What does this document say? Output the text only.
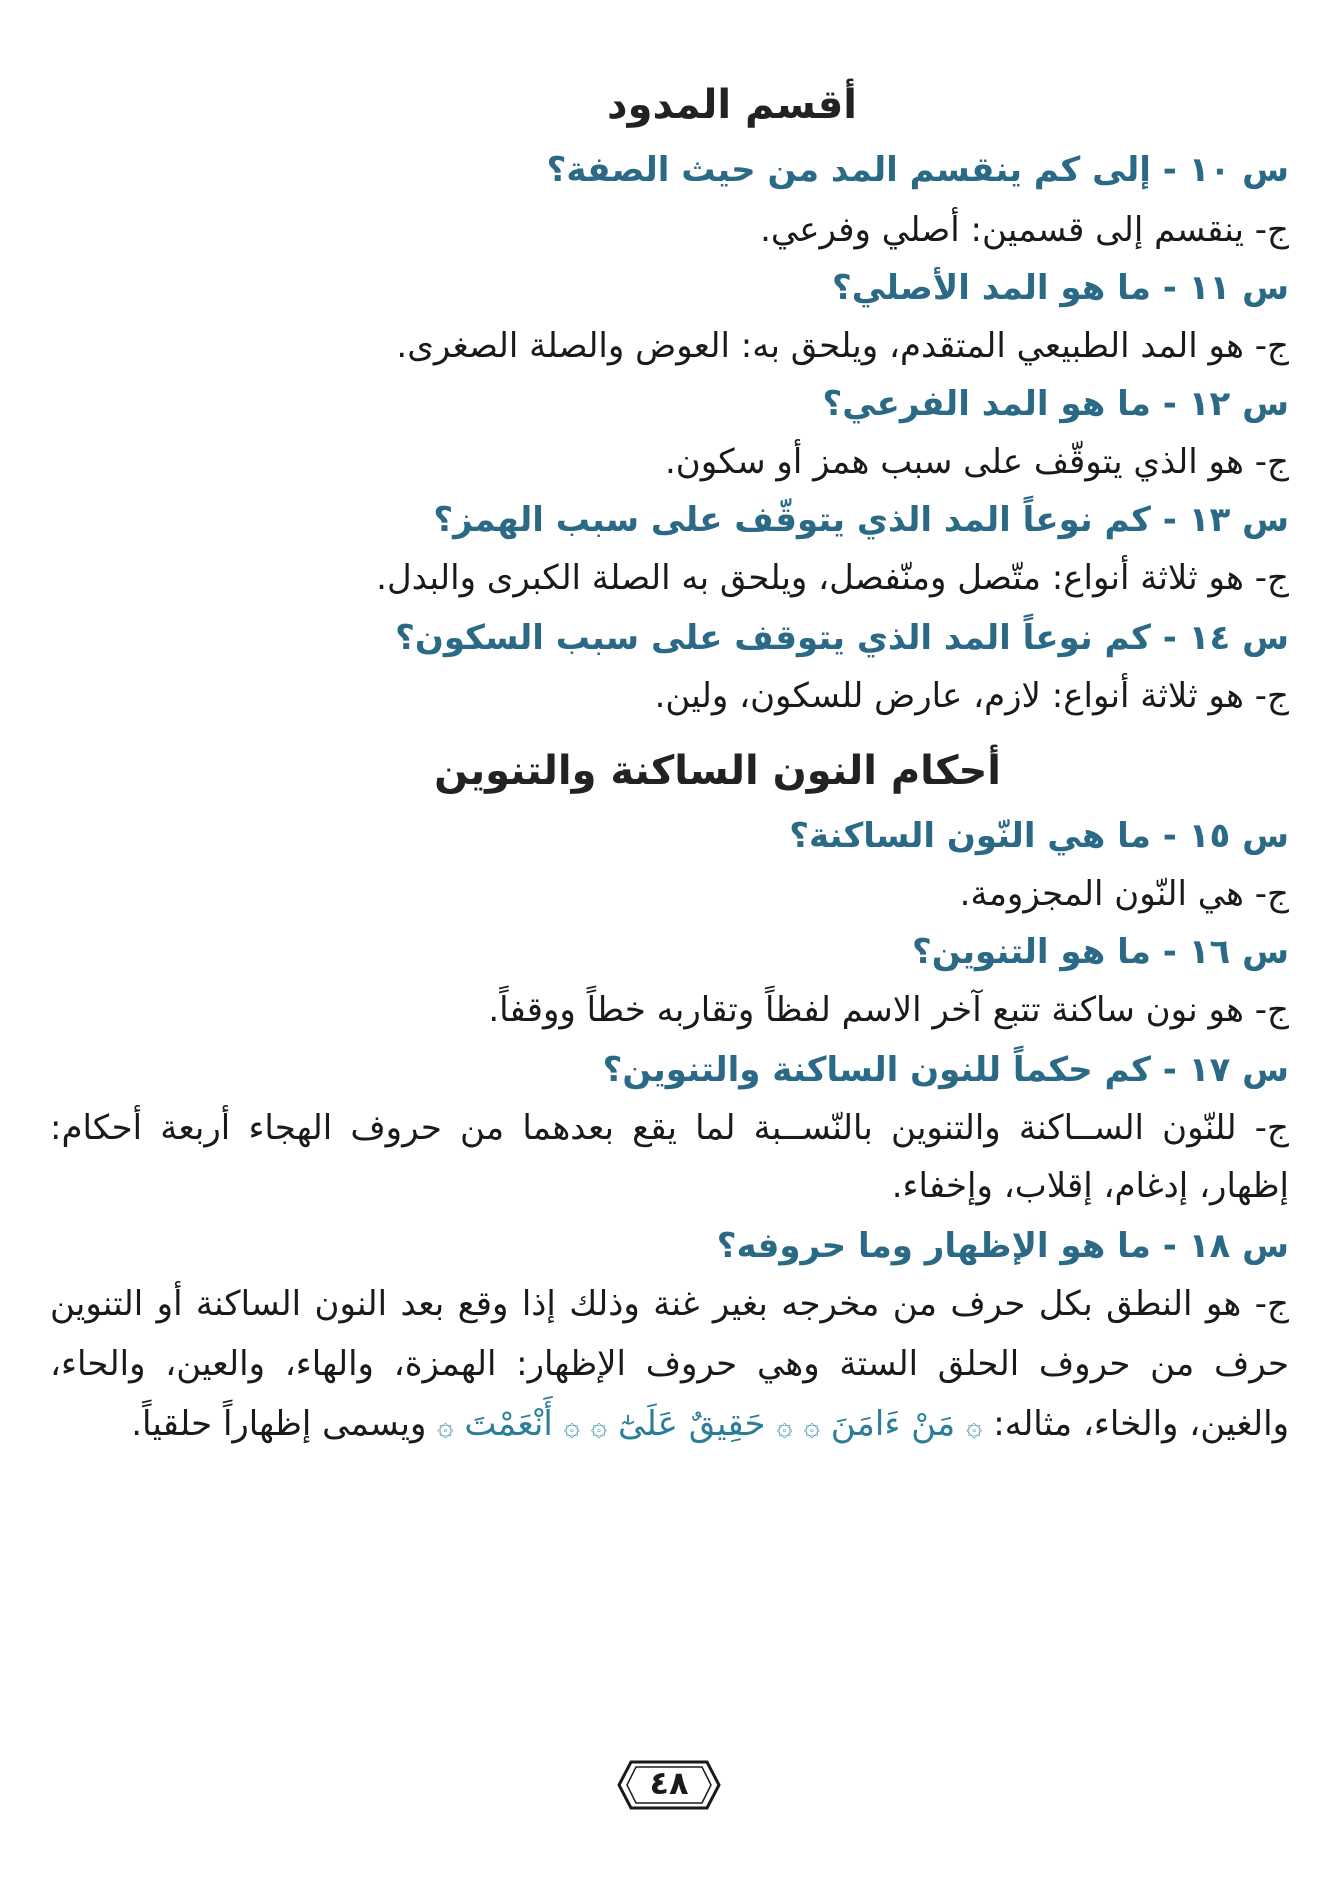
أقسم المدود
س ١٠ - إلى كم ينقسم المد من حيث الصفة؟
ج- ينقسم إلى قسمين: أصلي وفرعي.
س ١١ - ما هو المد الأصلي؟
ج- هو المد الطبيعي المتقدم، ويلحق به: العوض والصلة الصغرى.
س ١٢ - ما هو المد الفرعي؟
ج- هو الذي يتوقّف على سبب همز أو سكون.
س ١٣ - كم نوعاً المد الذي يتوقّف على سبب الهمز؟
ج- هو ثلاثة أنواع: متّصل ومنّفصل، ويلحق به الصلة الكبرى والبدل.
س ١٤ - كم نوعاً المد الذي يتوقف على سبب السكون؟
ج- هو ثلاثة أنواع: لازم، عارض للسكون، ولين.
أحكام النون الساكنة والتنوين
س ١٥ - ما هي النّون الساكنة؟
ج- هي النّون المجزومة.
س ١٦ - ما هو التنوين؟
ج- هو نون ساكنة تتبع آخر الاسم لفظاً وتقاربه خطاً ووقفاً.
س ١٧ - كم حكماً للنون الساكنة والتنوين؟
ج- للنّون الســاكنة والتنوين بالنّســبة لما يقع بعدهما من حروف الهجاء أربعة أحكام:
إظهار، إدغام، إقلاب، وإخفاء.
س ١٨ - ما هو الإظهار وما حروفه؟
ج- هو النطق بكل حرف من مخرجه بغير غنة وذلك إذا وقع بعد النون الساكنة أو التنوين
حرف من حروف الحلق الستة وهي حروف الإظهار: الهمزة، والهاء، والعين، والحاء،
والغين، والخاء، مثاله: ۞ مَنْ ءَامَنَ ۞ ۞ حَقِيقٌ عَلَىٰٓ ۞ ۞ أَنْعَمْتَ ۞ ويسمى إظهاراً حلقياً.
٤٨
